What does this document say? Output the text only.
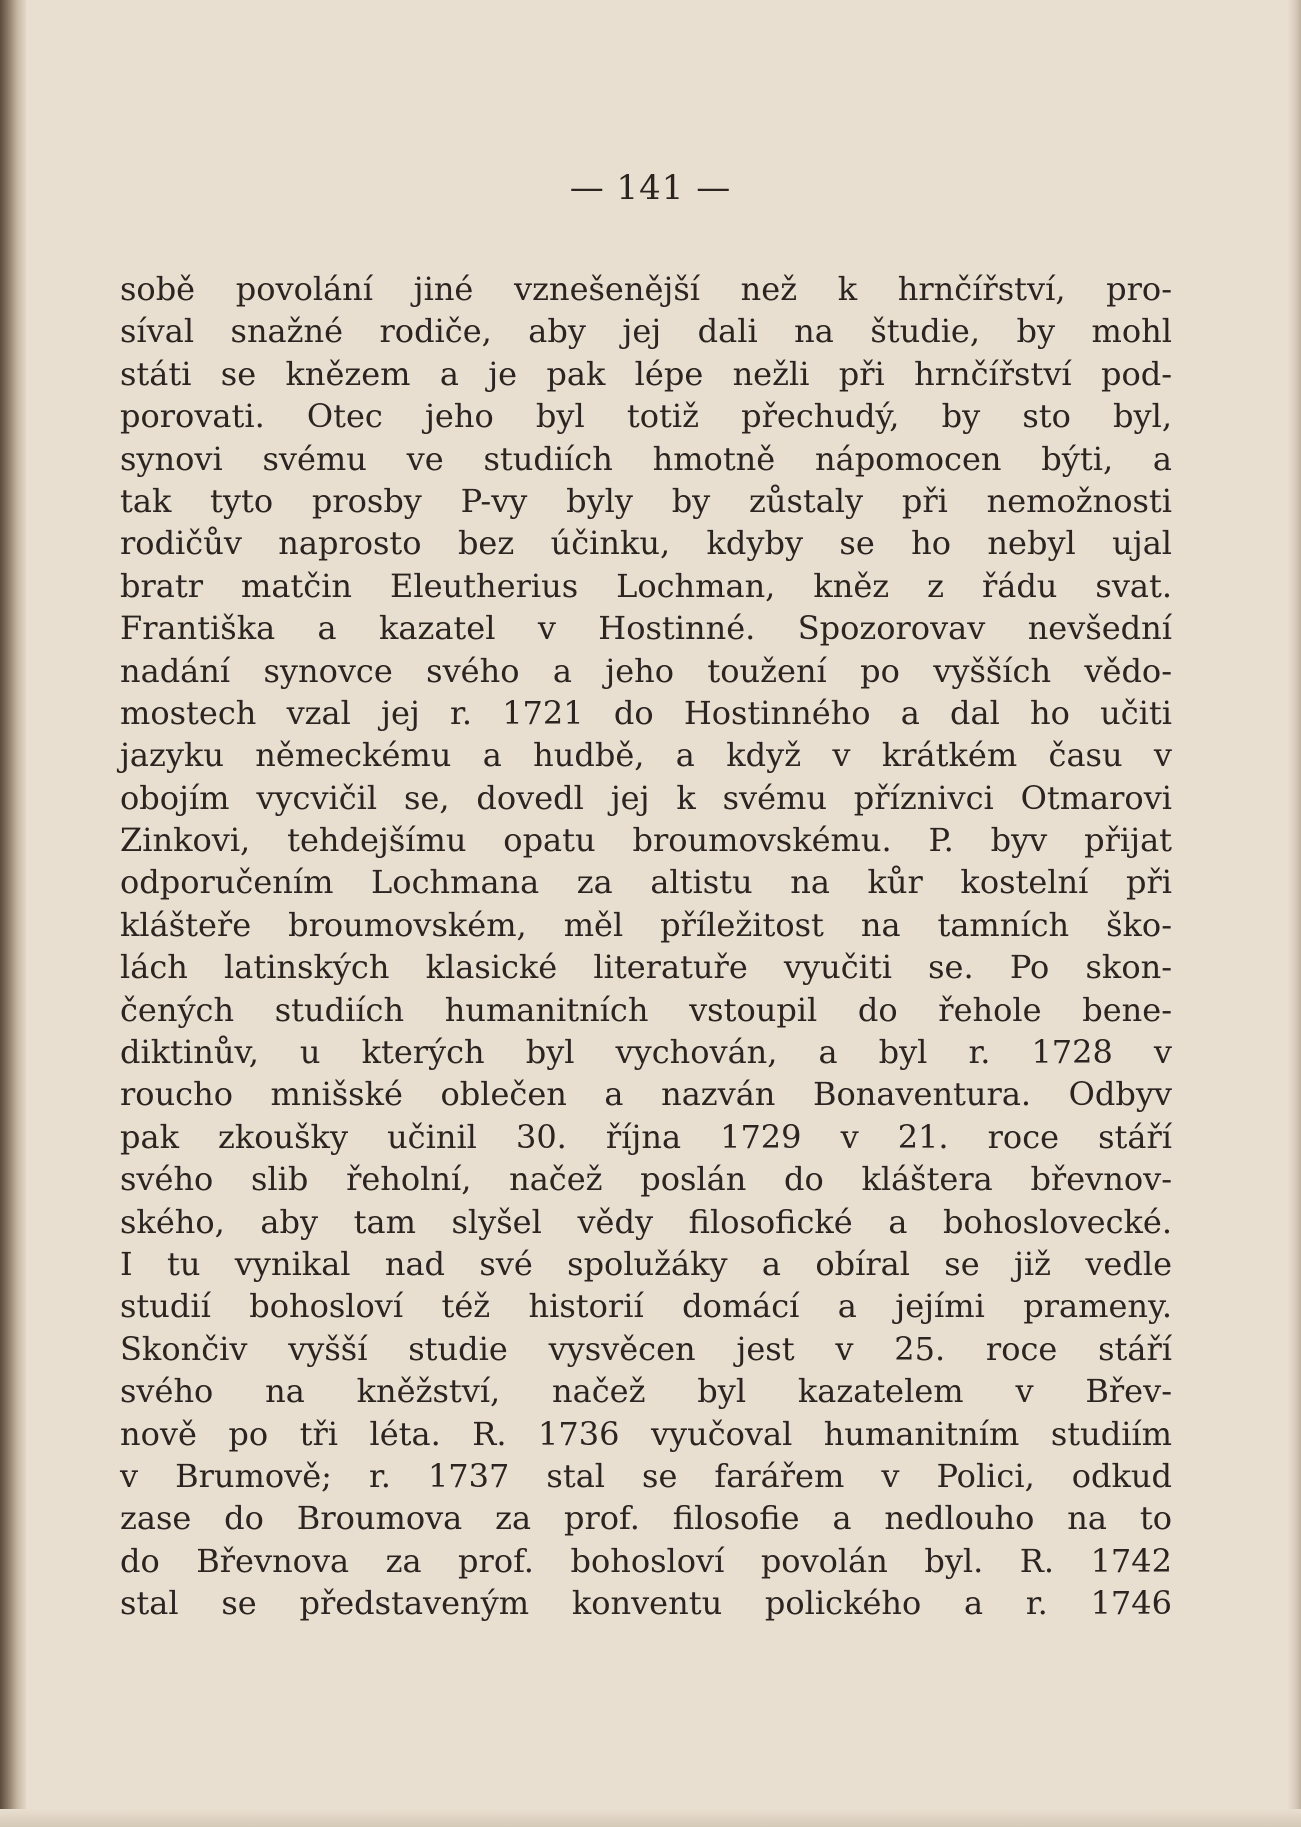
— 141 —
sobě povolání jiné vznešenější než k hrnčířství, pro-
síval snažné rodiče, aby jej dali na študie, by mohl
státi se knězem a je pak lépe nežli při hrnčířství pod-
porovati. Otec jeho byl totiž přechudý, by sto byl,
synovi svému ve studiích hmotně nápomocen býti, a
tak tyto prosby P-vy byly by zůstaly při nemožnosti
rodičův naprosto bez účinku, kdyby se ho nebyl ujal
bratr matčin Eleutherius Lochman, kněz z řádu svat.
Františka a kazatel v Hostinné. Spozorovav nevšední
nadání synovce svého a jeho toužení po vyšších vědo-
mostech vzal jej r. 1721 do Hostinného a dal ho učiti
jazyku německému a hudbě, a když v krátkém času v
obojím vycvičil se, dovedl jej k svému příznivci Otmarovi
Zinkovi, tehdejšímu opatu broumovskému. P. byv přijat
odporučením Lochmana za altistu na kůr kostelní při
klášteře broumovském, měl příležitost na tamních ško-
lách latinských klasické literatuře vyučiti se. Po skon-
čených studiích humanitních vstoupil do řehole bene-
diktinův, u kterých byl vychován, a byl r. 1728 v
roucho mnišské oblečen a nazván Bonaventura. Odbyv
pak zkoušky učinil 30. října 1729 v 21. roce stáří
svého slib řeholní, načež poslán do kláštera břevnov-
ského, aby tam slyšel vědy filosofické a bohoslovecké.
I tu vynikal nad své spolužáky a obíral se již vedle
studií bohosloví též historií domácí a jejími prameny.
Skončiv vyšší studie vysvěcen jest v 25. roce stáří
svého na kněžství, načež byl kazatelem v Břev-
nově po tři léta. R. 1736 vyučoval humanitním studiím
v Brumově; r. 1737 stal se farářem v Polici, odkud
zase do Broumova za prof. filosofie a nedlouho na to
do Břevnova za prof. bohosloví povolán byl. R. 1742
stal se představeným konventu polického a r. 1746
